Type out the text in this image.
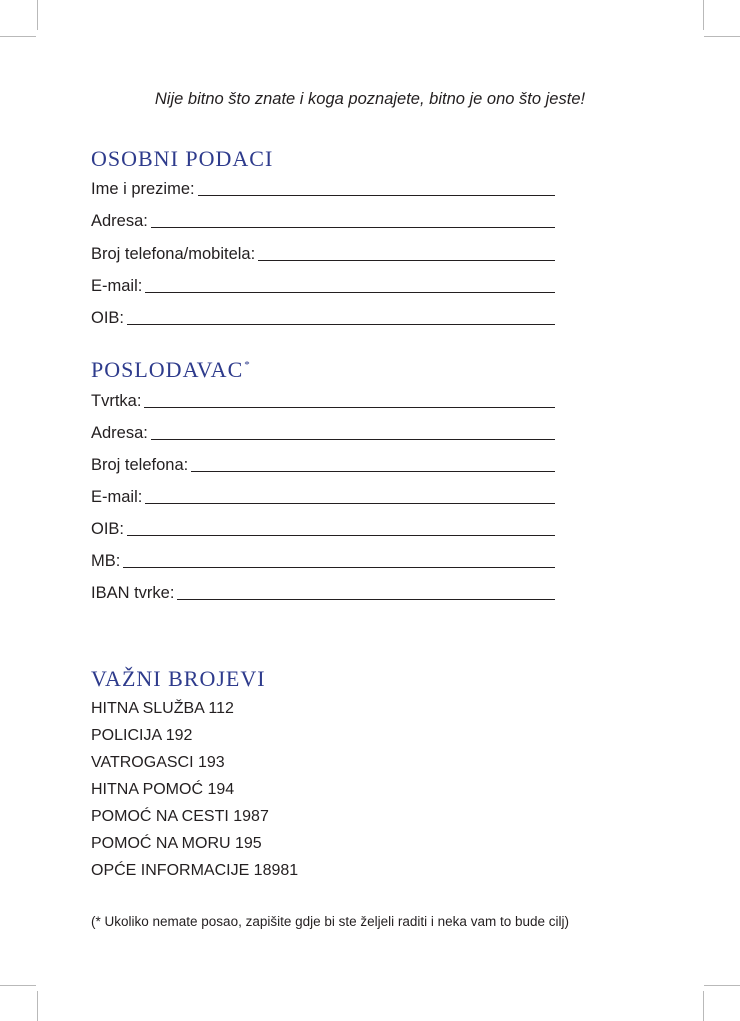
Nije bitno što znate i koga poznajete, bitno je ono što jeste!
OSOBNI PODACI
Ime i prezime:
Adresa:
Broj telefona/mobitela:
E-mail:
OIB:
POSLODAVAC*
Tvrtka:
Adresa:
Broj telefona:
E-mail:
OIB:
MB:
IBAN tvrke:
VAŽNI BROJEVI
HITNA SLUŽBA 112
POLICIJA 192
VATROGASCI 193
HITNA POMOĆ 194
POMOĆ NA CESTI 1987
POMOĆ NA MORU 195
OPĆE INFORMACIJE 18981
(* Ukoliko nemate posao, zapišite gdje bi ste željeli raditi i neka vam to bude cilj)
